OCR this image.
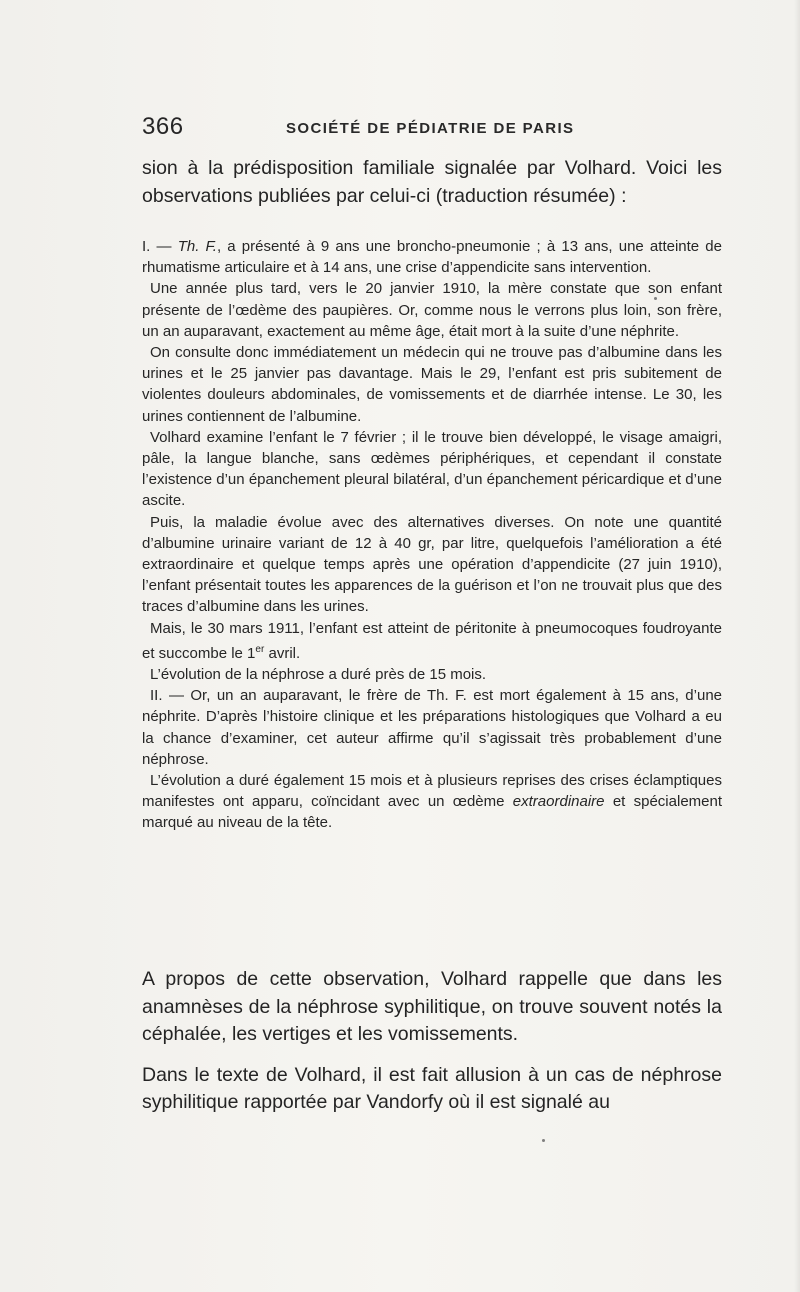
366	SOCIÉTÉ DE PÉDIATRIE DE PARIS
sion à la prédisposition familiale signalée par Volhard. Voici les observations publiées par celui-ci (traduction résumée) :

I. — Th. F., a présenté à 9 ans une broncho-pneumonie ; à 13 ans, une atteinte de rhumatisme articulaire et à 14 ans, une crise d’appendicite sans intervention.

Une année plus tard, vers le 20 janvier 1910, la mère constate que son enfant présente de l’œdème des paupières. Or, comme nous le verrons plus loin, son frère, un an auparavant, exactement au même âge, était mort à la suite d’une néphrite.

On consulte donc immédiatement un médecin qui ne trouve pas d’albumine dans les urines et le 25 janvier pas davantage. Mais le 29, l’enfant est pris subitement de violentes douleurs abdominales, de vomissements et de diarrhée intense. Le 30, les urines contiennent de l’albumine.

Volhard examine l’enfant le 7 février ; il le trouve bien développé, le visage amaigri, pâle, la langue blanche, sans œdèmes périphériques, et cependant il constate l’existence d’un épanchement pleural bilatéral, d’un épanchement péricardique et d’une ascite.

Puis, la maladie évolue avec des alternatives diverses. On note une quantité d’albumine urinaire variant de 12 à 40 gr, par litre, quelquefois l’amélioration a été extraordinaire et quelque temps après une opération d’appendicite (27 juin 1910), l’enfant présentait toutes les apparences de la guérison et l’on ne trouvait plus que des traces d’albumine dans les urines.

Mais, le 30 mars 1911, l’enfant est atteint de péritonite à pneumocoques foudroyante et succombe le 1er avril.

L’évolution de la néphrose a duré près de 15 mois.

II. — Or, un an auparavant, le frère de Th. F. est mort également à 15 ans, d’une néphrite. D’après l’histoire clinique et les préparations histologiques que Volhard a eu la chance d’examiner, cet auteur affirme qu’il s’agissait très probablement d’une néphrose.

L’évolution a duré également 15 mois et à plusieurs reprises des crises éclamptiques manifestes ont apparu, coïncidant avec un œdème extraordinaire et spécialement marqué au niveau de la tête.

A propos de cette observation, Volhard rappelle que dans les anamnèses de la néphrose syphilitique, on trouve souvent notés la céphalée, les vertiges et les vomissements.

Dans le texte de Volhard, il est fait allusion à un cas de néphrose syphilitique rapportée par Vandorfy où il est signalé au
